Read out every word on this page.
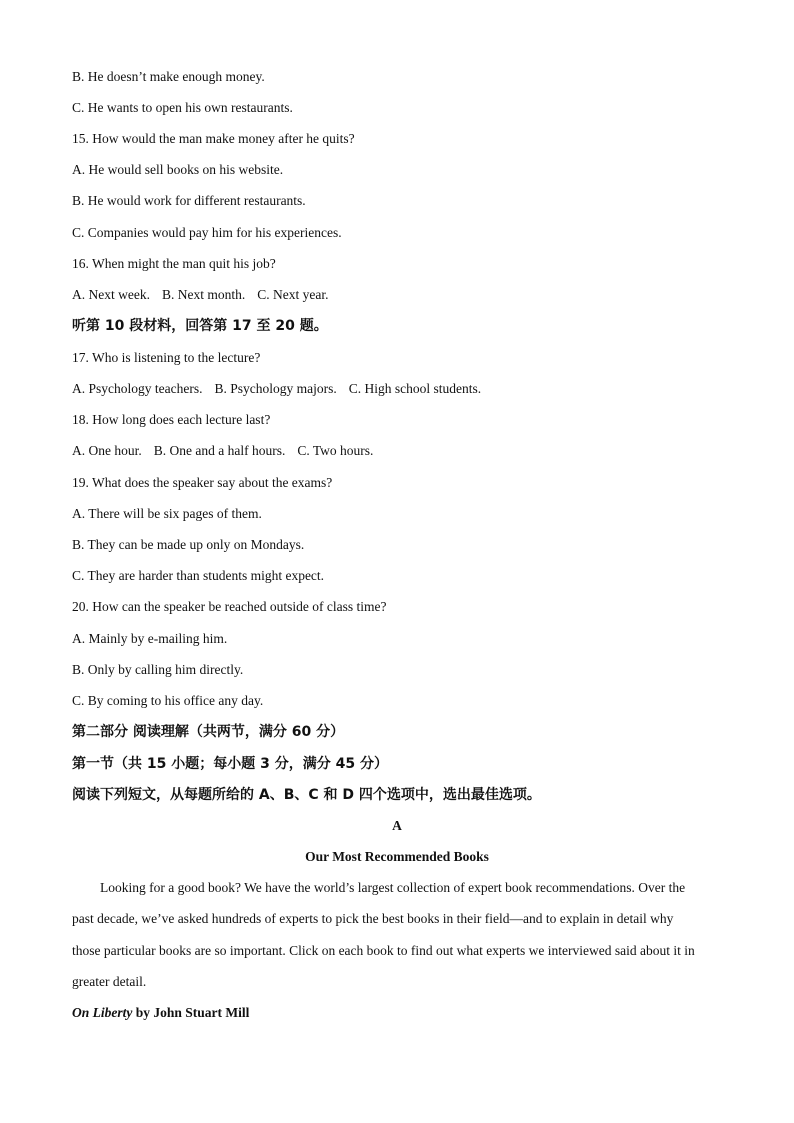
B. He doesn’t make enough money.
C. He wants to open his own restaurants.
15. How would the man make money after he quits?
A. He would sell books on his website.
B. He would work for different restaurants.
C. Companies would pay him for his experiences.
16. When might the man quit his job?
A. Next week. B. Next month. C. Next year.
听第 10 段材料，回答第 17 至 20 题。
17. Who is listening to the lecture?
A. Psychology teachers. B. Psychology majors. C. High school students.
18. How long does each lecture last?
A. One hour. B. One and a half hours. C. Two hours.
19. What does the speaker say about the exams?
A. There will be six pages of them.
B. They can be made up only on Mondays.
C. They are harder than students might expect.
20. How can the speaker be reached outside of class time?
A. Mainly by e-mailing him.
B. Only by calling him directly.
C. By coming to his office any day.
第二部分 阅读理解（共两节，满分 60 分）
第一节（共 15 小题；每小题 3 分，满分 45 分）
阅读下列短文，从每题所给的 A、B、C 和 D 四个选项中，选出最佳选项。
A
Our Most Recommended Books
Looking for a good book? We have the world’s largest collection of expert book recommendations. Over the
past decade, we’ve asked hundreds of experts to pick the best books in their field—and to explain in detail why
those particular books are so important. Click on each book to find out what experts we interviewed said about it in
greater detail.
On Liberty by John Stuart Mill
